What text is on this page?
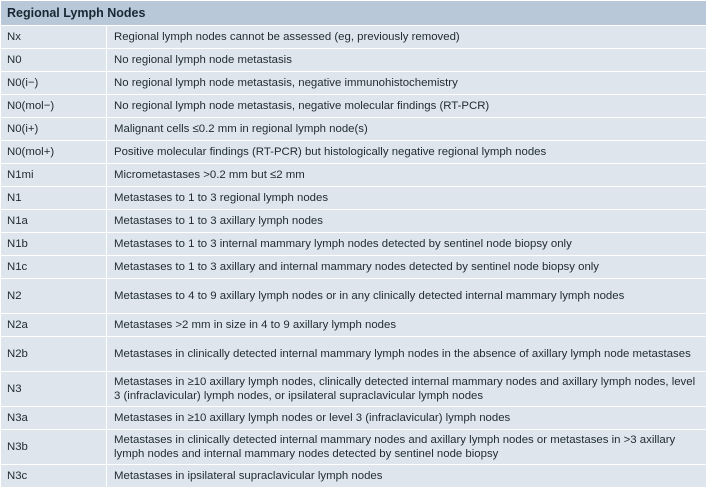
Regional Lymph Nodes	
Nx	Regional lymph nodes cannot be assessed (eg, previously removed)
N0	No regional lymph node metastasis
N0(i−)	No regional lymph node metastasis, negative immunohistochemistry
N0(mol−)	No regional lymph node metastasis, negative molecular findings (RT-PCR)
N0(i+)	Malignant cells ≤0.2 mm in regional lymph node(s)
N0(mol+)	Positive molecular findings (RT-PCR) but histologically negative regional lymph nodes
N1mi	Micrometastases >0.2 mm but ≤2 mm
N1	Metastases to 1 to 3 regional lymph nodes
N1a	Metastases to 1 to 3 axillary lymph nodes
N1b	Metastases to 1 to 3 internal mammary lymph nodes detected by sentinel node biopsy only
N1c	Metastases to 1 to 3 axillary and internal mammary nodes detected by sentinel node biopsy only
N2	Metastases to 4 to 9 axillary lymph nodes or in any clinically detected internal mammary lymph nodes
N2a	Metastases >2 mm in size in 4 to 9 axillary lymph nodes
N2b	Metastases in clinically detected internal mammary lymph nodes in the absence of axillary lymph node metastases
N3	Metastases in ≥10 axillary lymph nodes, clinically detected internal mammary nodes and axillary lymph nodes, level 3 (infraclavicular) lymph nodes, or ipsilateral supraclavicular lymph nodes
N3a	Metastases in ≥10 axillary lymph nodes or level 3 (infraclavicular) lymph nodes
N3b	Metastases in clinically detected internal mammary nodes and axillary lymph nodes or metastases in >3 axillary lymph nodes and internal mammary nodes detected by sentinel node biopsy
N3c	Metastases in ipsilateral supraclavicular lymph nodes
